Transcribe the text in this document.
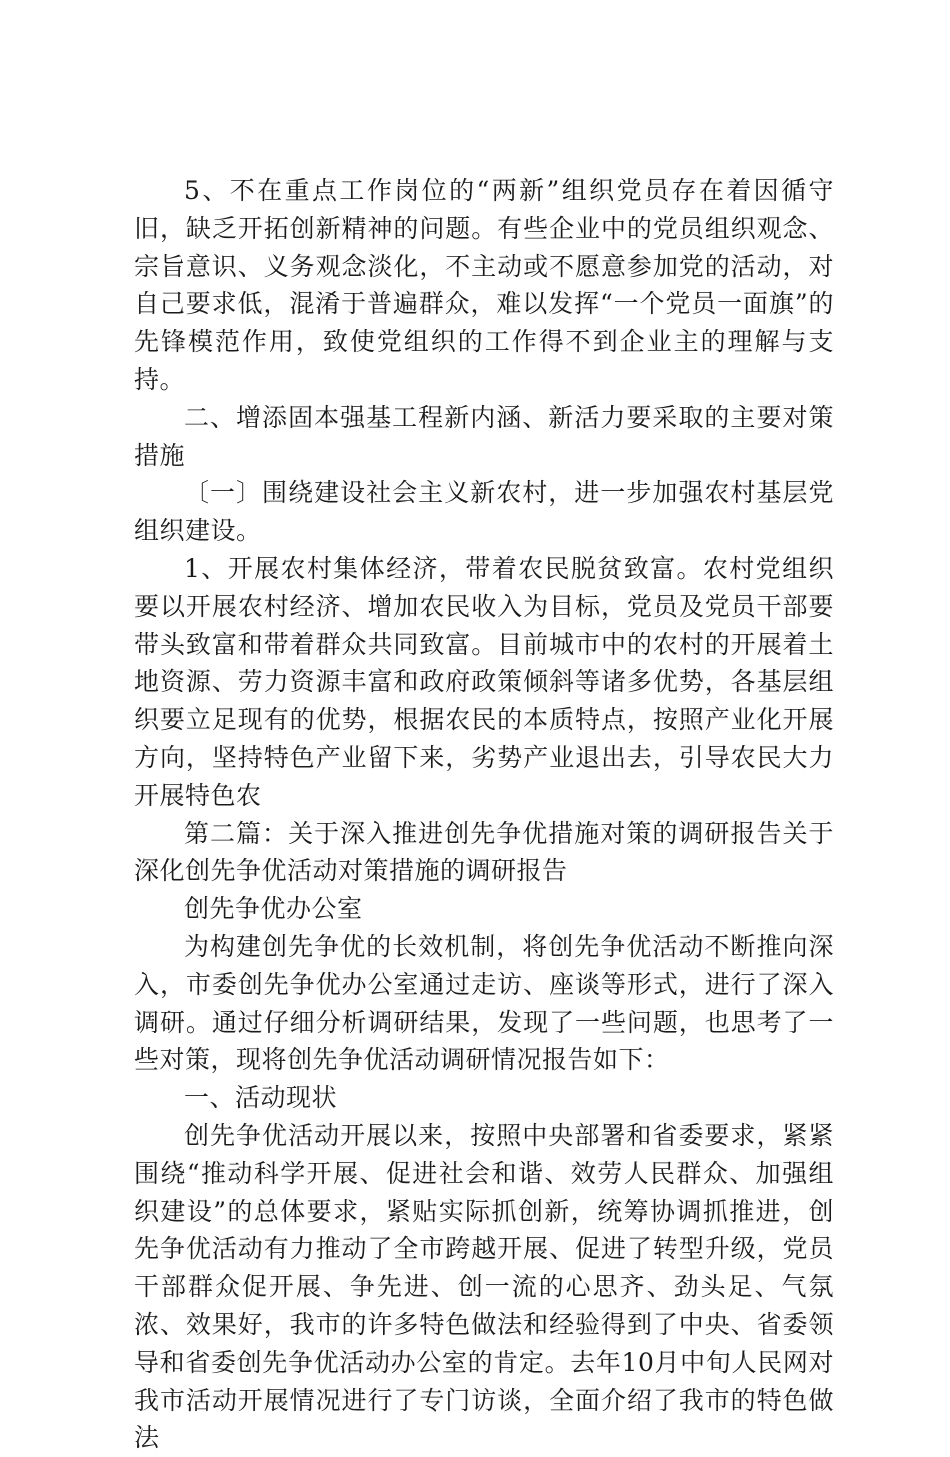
5、不在重点工作岗位的“两新”组织党员存在着因循守旧，缺乏开拓创新精神的问题。有些企业中的党员组织观念、宗旨意识、义务观念淡化，不主动或不愿意参加党的活动，对自己要求低，混淆于普遍群众，难以发挥“一个党员一面旗”的先锋模范作用，致使党组织的工作得不到企业主的理解与支持。

二、增添固本强基工程新内涵、新活力要采取的主要对策措施

〔一〕围绕建设社会主义新农村，进一步加强农村基层党组织建设。

1、开展农村集体经济，带着农民脱贫致富。农村党组织要以开展农村经济、增加农民收入为目标，党员及党员干部要带头致富和带着群众共同致富。目前城市中的农村的开展着土地资源、劳力资源丰富和政府政策倾斜等诸多优势，各基层组织要立足现有的优势，根据农民的本质特点，按照产业化开展方向，坚持特色产业留下来，劣势产业退出去，引导农民大力开展特色农

第二篇：关于深入推进创先争优措施对策的调研报告关于深化创先争优活动对策措施的调研报告

创先争优办公室

为构建创先争优的长效机制，将创先争优活动不断推向深入，市委创先争优办公室通过走访、座谈等形式，进行了深入调研。通过仔细分析调研结果，发现了一些问题，也思考了一些对策，现将创先争优活动调研情况报告如下：

一、活动现状

创先争优活动开展以来，按照中央部署和省委要求，紧紧围绕“推动科学开展、促进社会和谐、效劳人民群众、加强组织建设”的总体要求，紧贴实际抓创新，统筹协调抓推进，创先争优活动有力推动了全市跨越开展、促进了转型升级，党员干部群众促开展、争先进、创一流的心思齐、劲头足、气氛浓、效果好，我市的许多特色做法和经验得到了中央、省委领导和省委创先争优活动办公室的肯定。去年10月中旬人民网对我市活动开展情况进行了专门访谈，全面介绍了我市的特色做法
